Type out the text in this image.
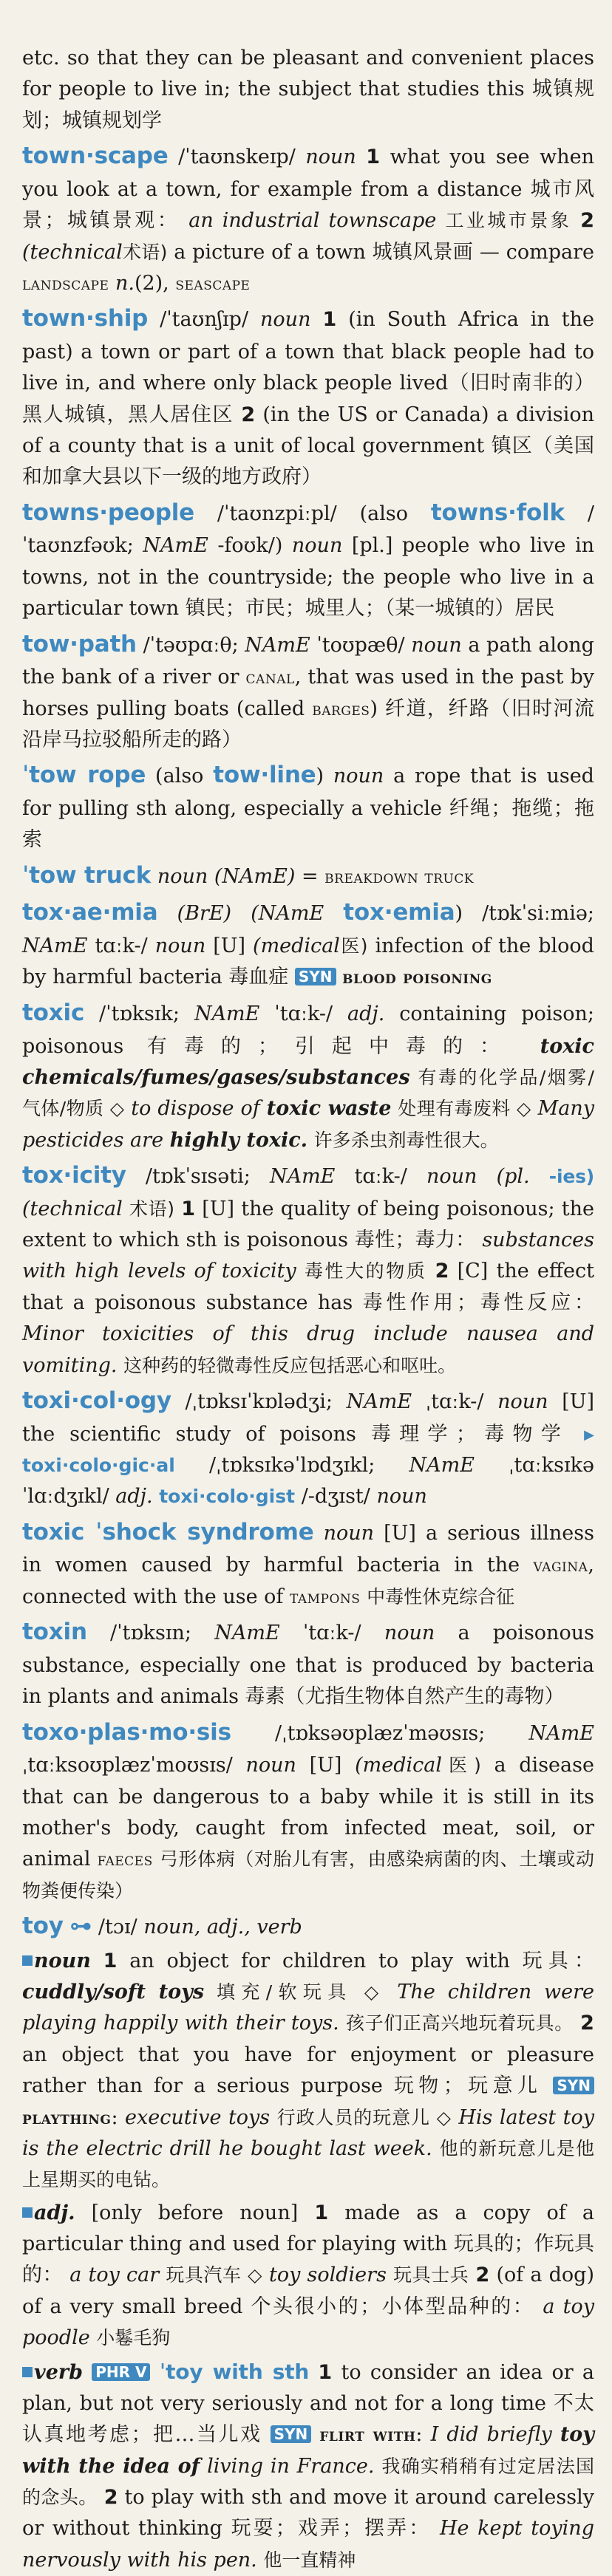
etc. so that they can be pleasant and convenient places for people to live in; the subject that studies this 城镇规划；城镇规划学

town·scape /ˈtaʊnskeɪp/ noun 1 what you see when you look at a town, for example from a distance 城市风景；城镇景观： an industrial townscape 工业城市景象 2 (technical术语) a picture of a town 城镇风景画 — compare landscape n.(2), seascape

town·ship /ˈtaʊnʃɪp/ noun 1 (in South Africa in the past) a town or part of a town that black people had to live in, and where only black people lived（旧时南非的）黑人城镇，黑人居住区 2 (in the US or Canada) a division of a county that is a unit of local government 镇区（美国和加拿大县以下一级的地方政府）

towns·people /ˈtaʊnzpiːpl/ (also towns·folk /ˈtaʊnzfəʊk; NAmE -foʊk/) noun [pl.] people who live in towns, not in the countryside; the people who live in a particular town 镇民；市民；城里人；（某一城镇的）居民

tow·path /ˈtəʊpɑːθ; NAmE ˈtoʊpæθ/ noun a path along the bank of a river or canal, that was used in the past by horses pulling boats (called barges) 纤道，纤路（旧时河流沿岸马拉驳船所走的路）

ˈtow rope (also tow·line) noun a rope that is used for pulling sth along, especially a vehicle 纤绳；拖缆；拖索

ˈtow truck noun (NAmE) = breakdown truck

tox·ae·mia (BrE) (NAmE tox·emia) /tɒkˈsiːmiə; NAmE tɑːk-/ noun [U] (medical医) infection of the blood by harmful bacteria 毒血症 SYN blood poisoning

toxic /ˈtɒksɪk; NAmE ˈtɑːk-/ adj. containing poison; poisonous 有毒的；引起中毒的： toxic chemicals/fumes/gases/substances 有毒的化学品/烟雾/气体/物质 ◇ to dispose of toxic waste 处理有毒废料 ◇ Many pesticides are highly toxic. 许多杀虫剂毒性很大。

tox·icity /tɒkˈsɪsəti; NAmE tɑːk-/ noun (pl. -ies) (technical 术语) 1 [U] the quality of being poisonous; the extent to which sth is poisonous 毒性；毒力： substances with high levels of toxicity 毒性大的物质 2 [C] the effect that a poisonous substance has 毒性作用；毒性反应： Minor toxicities of this drug include nausea and vomiting. 这种药的轻微毒性反应包括恶心和呕吐。

toxi·col·ogy /ˌtɒksɪˈkɒlədʒi; NAmE ˌtɑːk-/ noun [U] the scientific study of poisons 毒理学；毒物学 ▶ toxi·colo·gic·al /ˌtɒksɪkəˈlɒdʒɪkl; NAmE ˌtɑːksɪkəˈlɑːdʒɪkl/ adj. toxi·colo·gist /-dʒɪst/ noun

toxic ˈshock syndrome noun [U] a serious illness in women caused by harmful bacteria in the vagina, connected with the use of tampons 中毒性休克综合征

toxin /ˈtɒksɪn; NAmE ˈtɑːk-/ noun a poisonous substance, especially one that is produced by bacteria in plants and animals 毒素（尤指生物体自然产生的毒物）

toxo·plas·mo·sis /ˌtɒksəʊplæzˈməʊsɪs; NAmE ˌtɑːksoʊplæzˈmoʊsɪs/ noun [U] (medical医) a disease that can be dangerous to a baby while it is still in its mother's body, caught from infected meat, soil, or animal faeces 弓形体病（对胎儿有害，由感染病菌的肉、土壤或动物粪便传染）

toy ⊶ /tɔɪ/ noun, adj., verb

noun 1 an object for children to play with 玩具： cuddly/soft toys 填充/软玩具 ◇ The children were playing happily with their toys. 孩子们正高兴地玩着玩具。 2 an object that you have for enjoyment or pleasure rather than for a serious purpose 玩物；玩意儿 SYN plaything: executive toys 行政人员的玩意儿 ◇ His latest toy is the electric drill he bought last week. 他的新玩意儿是他上星期买的电钻。

adj. [only before noun] 1 made as a copy of a particular thing and used for playing with 玩具的；作玩具的： a toy car 玩具汽车 ◇ toy soldiers 玩具士兵 2 (of a dog) of a very small breed 个头很小的；小体型品种的： a toy poodle 小鬈毛狗

verb PHR V ˈtoy with sth 1 to consider an idea or a plan, but not very seriously and not for a long time 不太认真地考虑；把…当儿戏 SYN flirt with: I did briefly toy with the idea of living in France. 我确实稍稍有过定居法国的念头。 2 to play with sth and move it around carelessly or without thinking 玩耍；戏弄；摆弄： He kept toying nervously with his pen. 他一直精神
